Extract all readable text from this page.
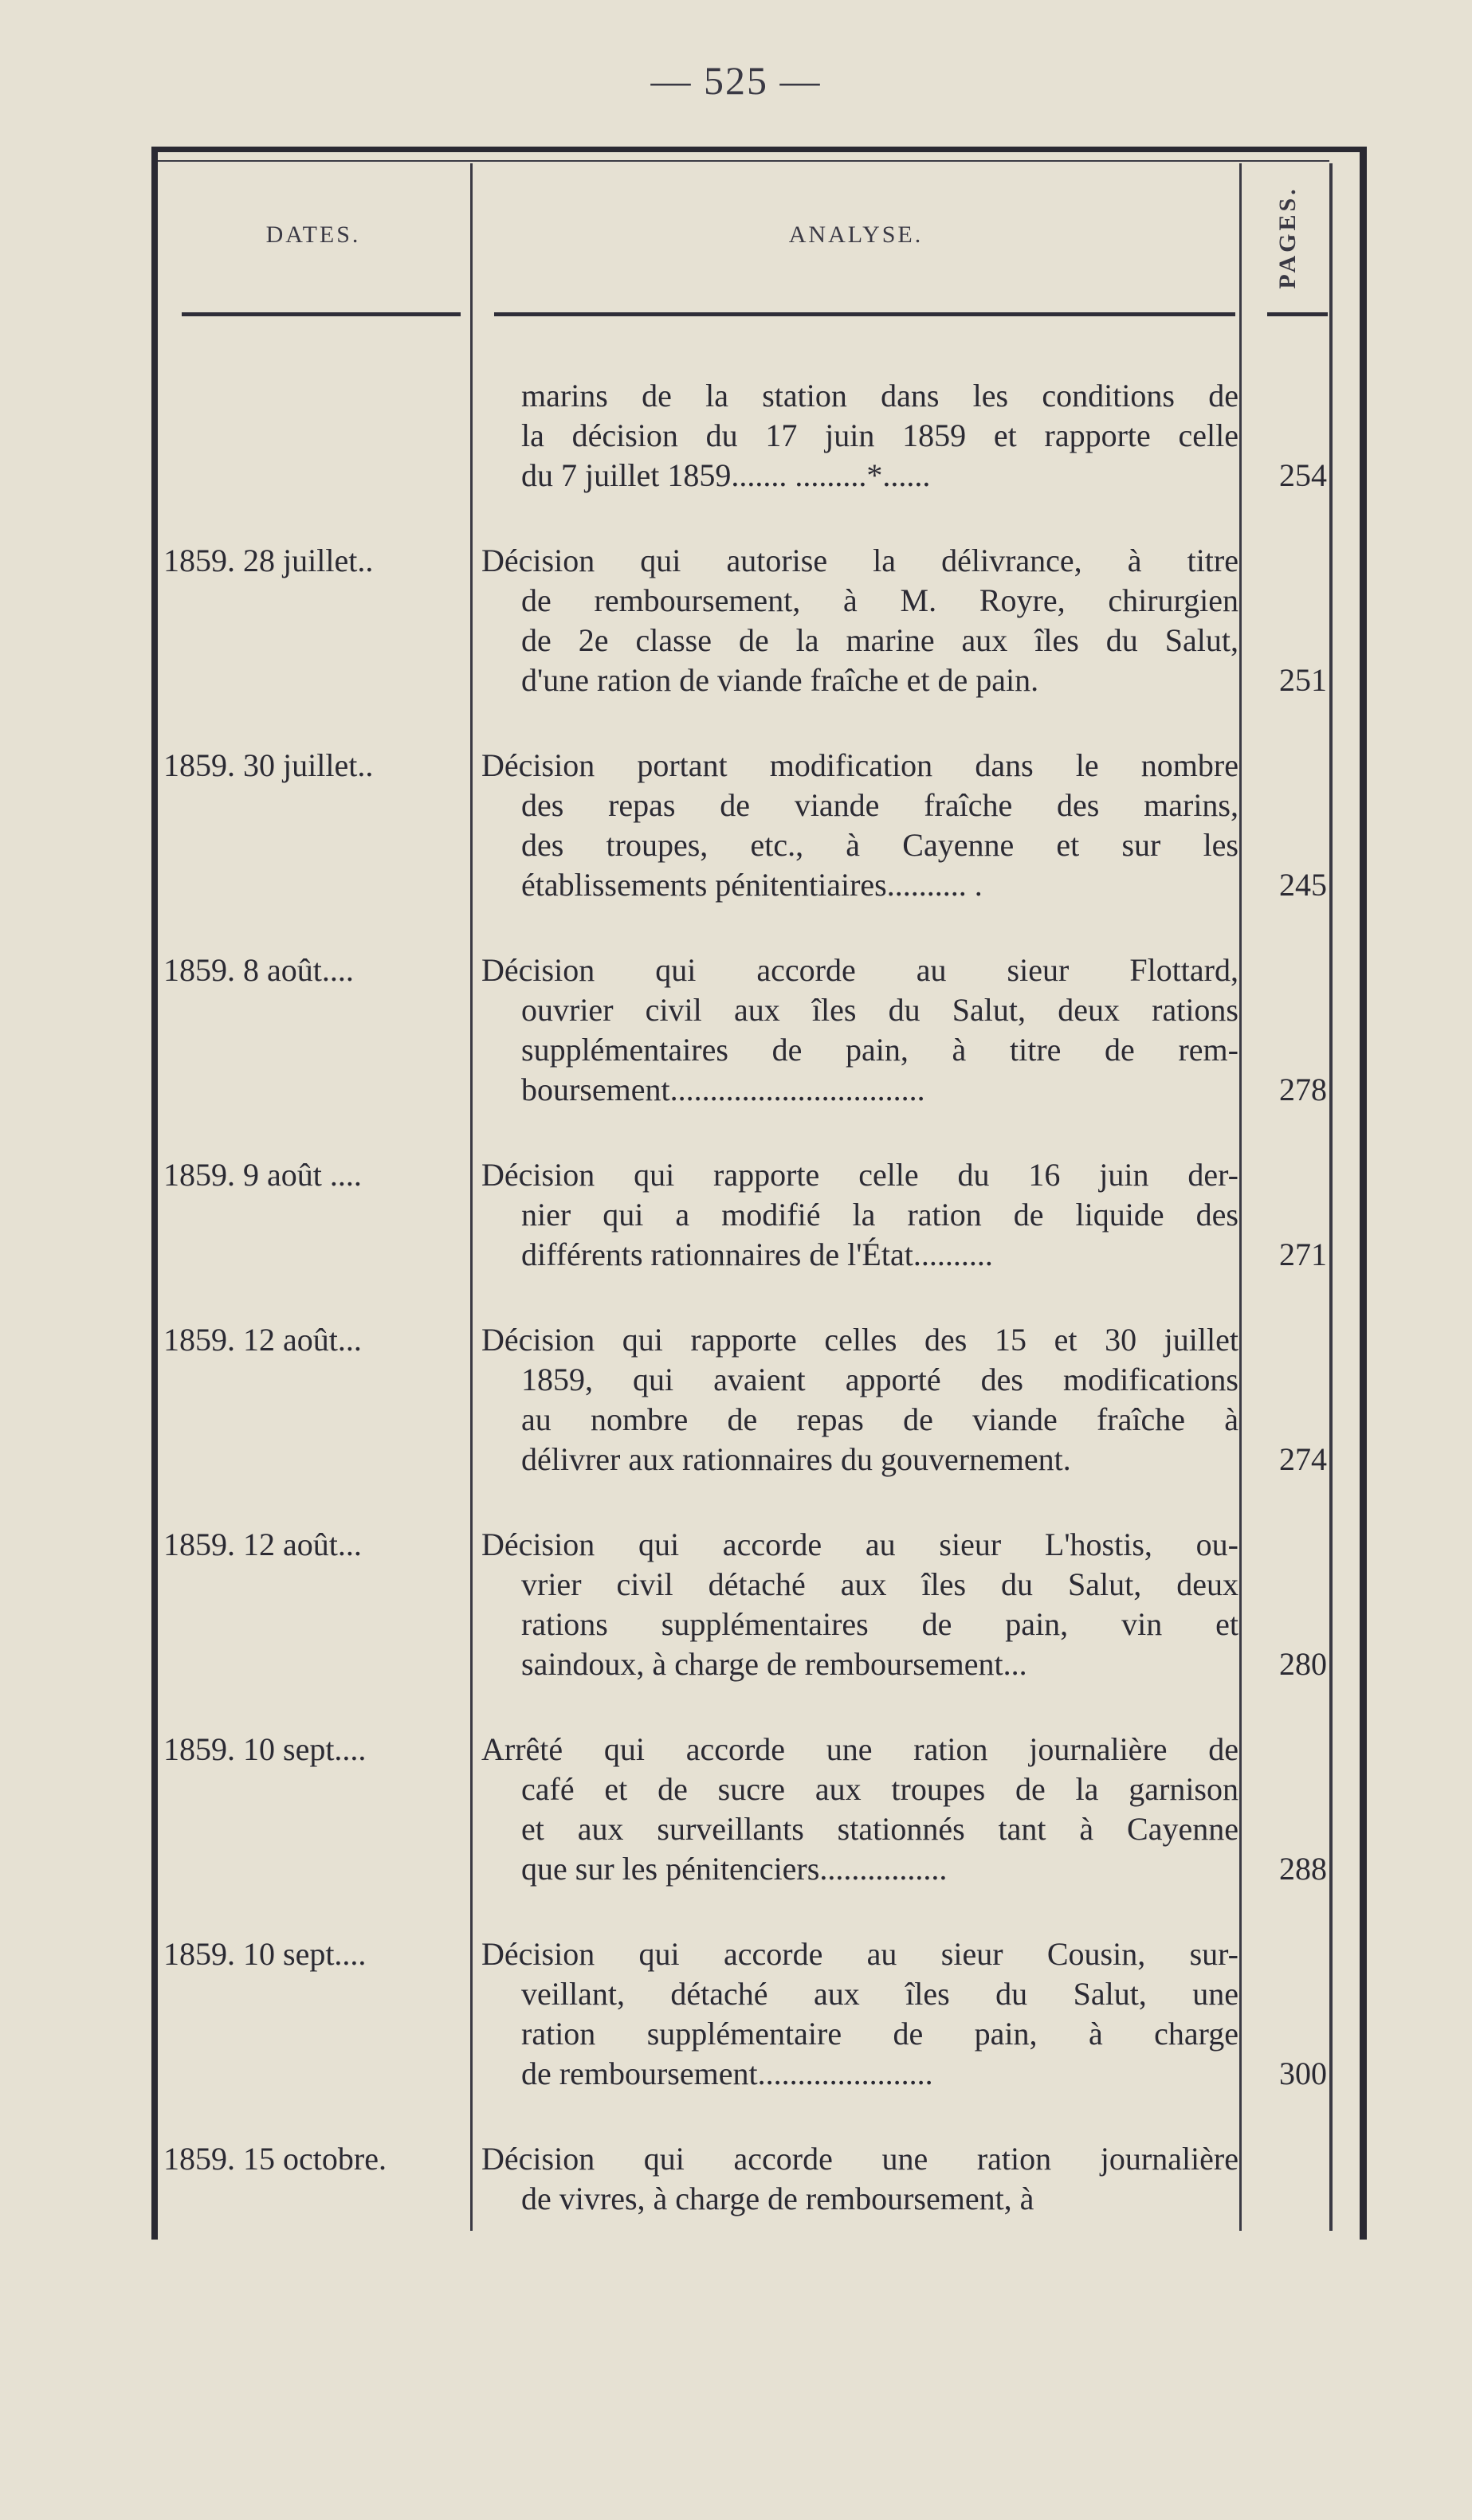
— 525 —
DATES.	ANALYSE.	PAGES.
marins de la station dans les conditions de
la décision du 17 juin 1859 et rapporte celle
du 7 juillet 1859....... .........*......	254
1859. 28 juillet..	Décision qui autorise la délivrance, à titre
de remboursement, à M. Royre, chirurgien
de 2e classe de la marine aux îles du Salut,
d'une ration de viande fraîche et de pain.	251
1859. 30 juillet..	Décision portant modification dans le nombre
des repas de viande fraîche des marins,
des troupes, etc., à Cayenne et sur les
établissements pénitentiaires.......... .	245
1859. 8 août....	Décision qui accorde au sieur Flottard,
ouvrier civil aux îles du Salut, deux rations
supplémentaires de pain, à titre de rem-
boursement................................	278
1859. 9 août ....	Décision qui rapporte celle du 16 juin der-
nier qui a modifié la ration de liquide des
différents rationnaires de l'État..........	271
1859. 12 août...	Décision qui rapporte celles des 15 et 30 juillet
1859, qui avaient apporté des modifications
au nombre de repas de viande fraîche à
délivrer aux rationnaires du gouvernement.	274
1859. 12 août...	Décision qui accorde au sieur L'hostis, ou-
vrier civil détaché aux îles du Salut, deux
rations supplémentaires de pain, vin et
saindoux, à charge de remboursement...	280
1859. 10 sept....	Arrêté qui accorde une ration journalière de
café et de sucre aux troupes de la garnison
et aux surveillants stationnés tant à Cayenne
que sur les pénitenciers................	288
1859. 10 sept....	Décision qui accorde au sieur Cousin, sur-
veillant, détaché aux îles du Salut, une
ration supplémentaire de pain, à charge
de remboursement......................	300
1859. 15 octobre.	Décision qui accorde une ration journalière
de vivres, à charge de remboursement, à
